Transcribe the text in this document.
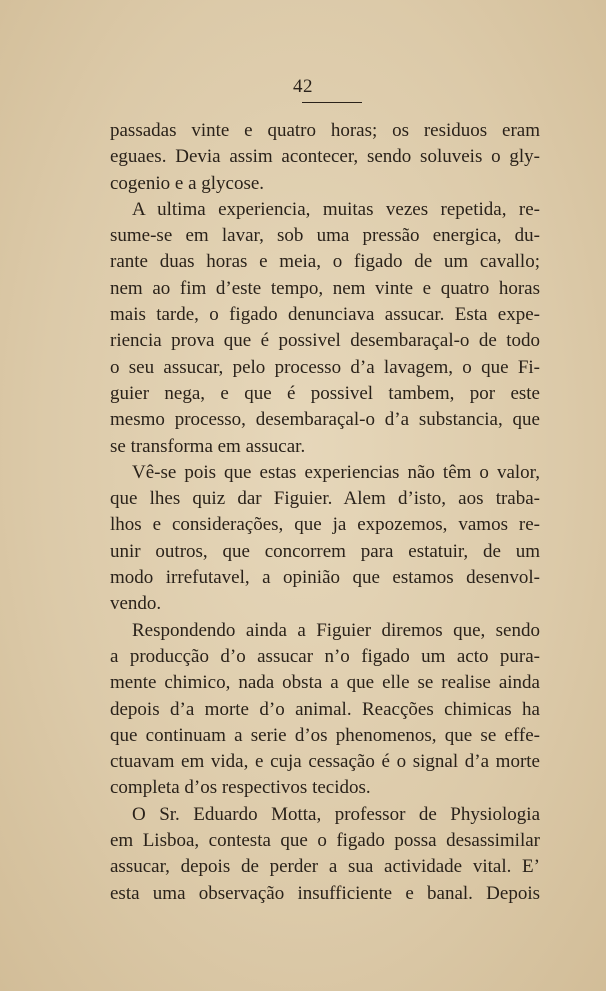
42
passadas vinte e quatro horas; os residuos eram
eguaes. Devia assim acontecer, sendo soluveis o gly-
cogenio e a glycose.
A ultima experiencia, muitas vezes repetida, re-
sume-se em lavar, sob uma pressão energica, du-
rante duas horas e meia, o figado de um cavallo;
nem ao fim d’este tempo, nem vinte e quatro horas
mais tarde, o figado denunciava assucar. Esta expe-
riencia prova que é possivel desembaraçal-o de todo
o seu assucar, pelo processo d’a lavagem, o que Fi-
guier nega, e que é possivel tambem, por este
mesmo processo, desembaraçal-o d’a substancia, que
se transforma em assucar.
Vê-se pois que estas experiencias não têm o valor,
que lhes quiz dar Figuier. Alem d’isto, aos traba-
lhos e considerações, que ja expozemos, vamos re-
unir outros, que concorrem para estatuir, de um
modo irrefutavel, a opinião que estamos desenvol-
vendo.
Respondendo ainda a Figuier diremos que, sendo
a producção d’o assucar n’o figado um acto pura-
mente chimico, nada obsta a que elle se realise ainda
depois d’a morte d’o animal. Reacções chimicas ha
que continuam a serie d’os phenomenos, que se effe-
ctuavam em vida, e cuja cessação é o signal d’a morte
completa d’os respectivos tecidos.
O Sr. Eduardo Motta, professor de Physiologia
em Lisboa, contesta que o figado possa desassimilar
assucar, depois de perder a sua actividade vital. E’
esta uma observação insufficiente e banal. Depois
